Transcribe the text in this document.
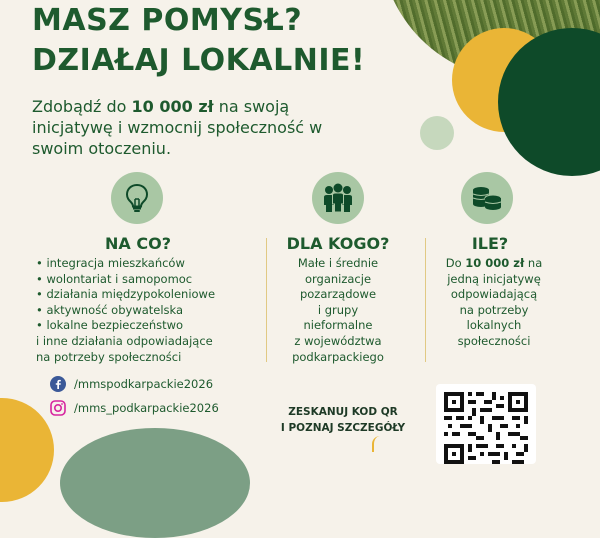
MASZ POMYSŁ?
DZIAŁAJ LOKALNIE!
Zdobądź do 10 000 zł na swoją inicjatywę i wzmocnij społeczność w swoim otoczeniu.
NA CO?	DLA KOGO?	ILE?
• integracja mieszkańców
• wolontariat i samopomoc
• działania międzypokoleniowe
• aktywność obywatelska
• lokalne bezpieczeństwo
i inne działania odpowiadające
na potrzeby społeczności
Małe i średnie
organizacje
pozarządowe
i grupy
nieformalne
z województwa
podkarpackiego
Do 10 000 zł na
jedną inicjatywę
odpowiadającą
na potrzeby
lokalnych
społeczności
/mmspodkarpackie2026
/mms_podkarpackie2026	ZESKANUJ KOD QR
I POZNAJ SZCZEGÓŁY
